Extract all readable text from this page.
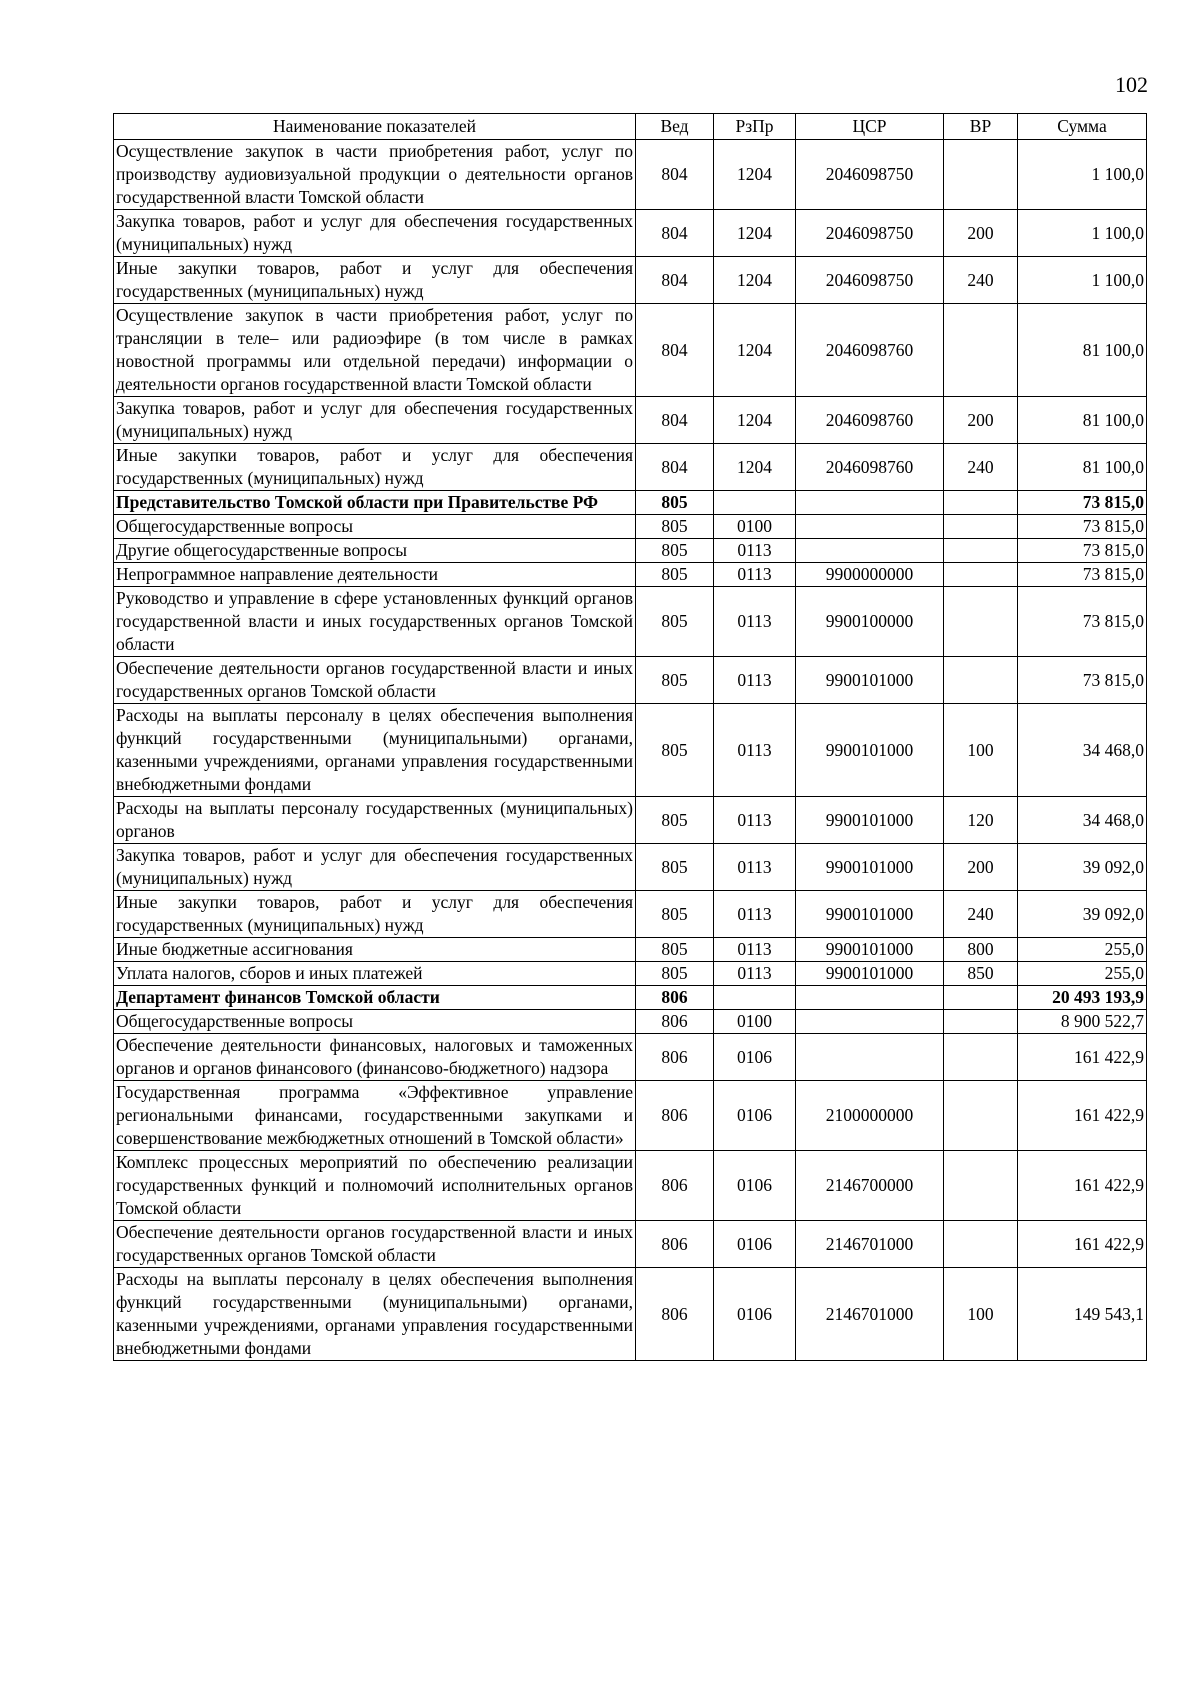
102
Наименование показателей	Вед	РзПр	ЦСР	ВР	Сумма
Осуществление закупок в части приобретения работ, услуг по производству аудиовизуальной продукции о деятельности органов государственной власти Томской области	804	1204	2046098750		1 100,0
Закупка товаров, работ и услуг для обеспечения государственных (муниципальных) нужд	804	1204	2046098750	200	1 100,0
Иные закупки товаров, работ и услуг для обеспечения государственных (муниципальных) нужд	804	1204	2046098750	240	1 100,0
Осуществление закупок в части приобретения работ, услуг по трансляции в теле– или радиоэфире (в том числе в рамках новостной программы или отдельной передачи) информации о деятельности органов государственной власти Томской области	804	1204	2046098760		81 100,0
Закупка товаров, работ и услуг для обеспечения государственных (муниципальных) нужд	804	1204	2046098760	200	81 100,0
Иные закупки товаров, работ и услуг для обеспечения государственных (муниципальных) нужд	804	1204	2046098760	240	81 100,0
Представительство Томской области при Правительстве РФ	805				73 815,0
Общегосударственные вопросы	805	0100			73 815,0
Другие общегосударственные вопросы	805	0113			73 815,0
Непрограммное направление деятельности	805	0113	9900000000		73 815,0
Руководство и управление в сфере установленных функций органов государственной власти и иных государственных органов Томской области	805	0113	9900100000		73 815,0
Обеспечение деятельности органов государственной власти и иных государственных органов Томской области	805	0113	9900101000		73 815,0
Расходы на выплаты персоналу в целях обеспечения выполнения функций государственными (муниципальными) органами, казенными учреждениями, органами управления государственными внебюджетными фондами	805	0113	9900101000	100	34 468,0
Расходы на выплаты персоналу государственных (муниципальных) органов	805	0113	9900101000	120	34 468,0
Закупка товаров, работ и услуг для обеспечения государственных (муниципальных) нужд	805	0113	9900101000	200	39 092,0
Иные закупки товаров, работ и услуг для обеспечения государственных (муниципальных) нужд	805	0113	9900101000	240	39 092,0
Иные бюджетные ассигнования	805	0113	9900101000	800	255,0
Уплата налогов, сборов и иных платежей	805	0113	9900101000	850	255,0
Департамент финансов Томской области	806				20 493 193,9
Общегосударственные вопросы	806	0100			8 900 522,7
Обеспечение деятельности финансовых, налоговых и таможенных органов и органов финансового (финансово-бюджетного) надзора	806	0106			161 422,9
Государственная программа «Эффективное управление региональными финансами, государственными закупками и совершенствование межбюджетных отношений в Томской области»	806	0106	2100000000		161 422,9
Комплекс процессных мероприятий по обеспечению реализации государственных функций и полномочий исполнительных органов Томской области	806	0106	2146700000		161 422,9
Обеспечение деятельности органов государственной власти и иных государственных органов Томской области	806	0106	2146701000		161 422,9
Расходы на выплаты персоналу в целях обеспечения выполнения функций государственными (муниципальными) органами, казенными учреждениями, органами управления государственными внебюджетными фондами	806	0106	2146701000	100	149 543,1
